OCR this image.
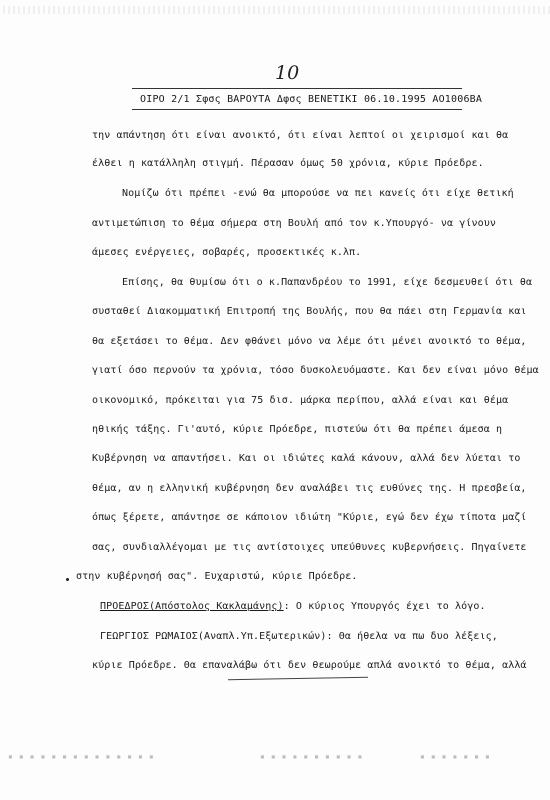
10
ΟΙΡΟ 2/1 Σφσς ΒΑΡΟΥΤΑ Δφσς ΒΕΝΕΤΙΚΙ 06.10.1995 ΑΟ1006ΒΑ
την απάντηση ότι είναι ανοικτό, ότι είναι λεπτοί οι χειρισμοί και θα
έλθει η κατάλληλη στιγμή. Πέρασαν όμως 50 χρόνια, κύριε Πρόεδρε.
Νομίζω ότι πρέπει -ενώ θα μπορούσε να πει κανείς ότι είχε θετική
αντιμετώπιση το θέμα σήμερα στη Βουλή από τον κ.Υπουργό- να γίνουν
άμεσες ενέργειες, σοβαρές, προσεκτικές κ.λπ.
Επίσης, θα θυμίσω ότι ο κ.Παπανδρέου το 1991, είχε δεσμευθεί ότι θα
συσταθεί Διακομματική Επιτροπή της Βουλής, που θα πάει στη Γερμανία και
θα εξετάσει το θέμα. Δεν φθάνει μόνο να λέμε ότι μένει ανοικτό το θέμα,
γιατί όσο περνούν τα χρόνια, τόσο δυσκολευόμαστε. Και δεν είναι μόνο θέμα
οικονομικό, πρόκειται για 75 δισ. μάρκα περίπου, αλλά είναι και θέμα
ηθικής τάξης. Γι'αυτό, κύριε Πρόεδρε, πιστεύω ότι θα πρέπει άμεσα η
Κυβέρνηση να απαντήσει. Και οι ιδιώτες καλά κάνουν, αλλά δεν λύεται το
θέμα, αν η ελληνική κυβέρνηση δεν αναλάβει τις ευθύνες της. Η πρεσβεία,
όπως ξέρετε, απάντησε σε κάποιον ιδιώτη "Κύριε, εγώ δεν έχω τίποτα μαζί
σας, συνδιαλλέγομαι με τις αντίστοιχες υπεύθυνες κυβερνήσεις. Πηγαίνετε
στην κυβέρνησή σας". Ευχαριστώ, κύριε Πρόεδρε.
ΠΡΟΕΔΡΟΣ(Απόστολος Κακλαμάνης): Ο κύριος Υπουργός έχει το λόγο.
ΓΕΩΡΓΙΟΣ ΡΩΜΑΙΟΣ(Αναπλ.Υπ.Εξωτερικών): Θα ήθελα να πω δυο λέξεις,
κύριε Πρόεδρε. Θα επαναλάβω ότι δεν θεωρούμε απλά ανοικτό το θέμα, αλλά
▪ ▪ ▪ ▪ ▪ ▪ ▪ ▪ ▪ ▪ ▪ ▪ ▪ ▪	▪ ▪ ▪ ▪ ▪ ▪ ▪ ▪ ▪ ▪	▪ ▪ ▪ ▪ ▪ ▪ ▪
